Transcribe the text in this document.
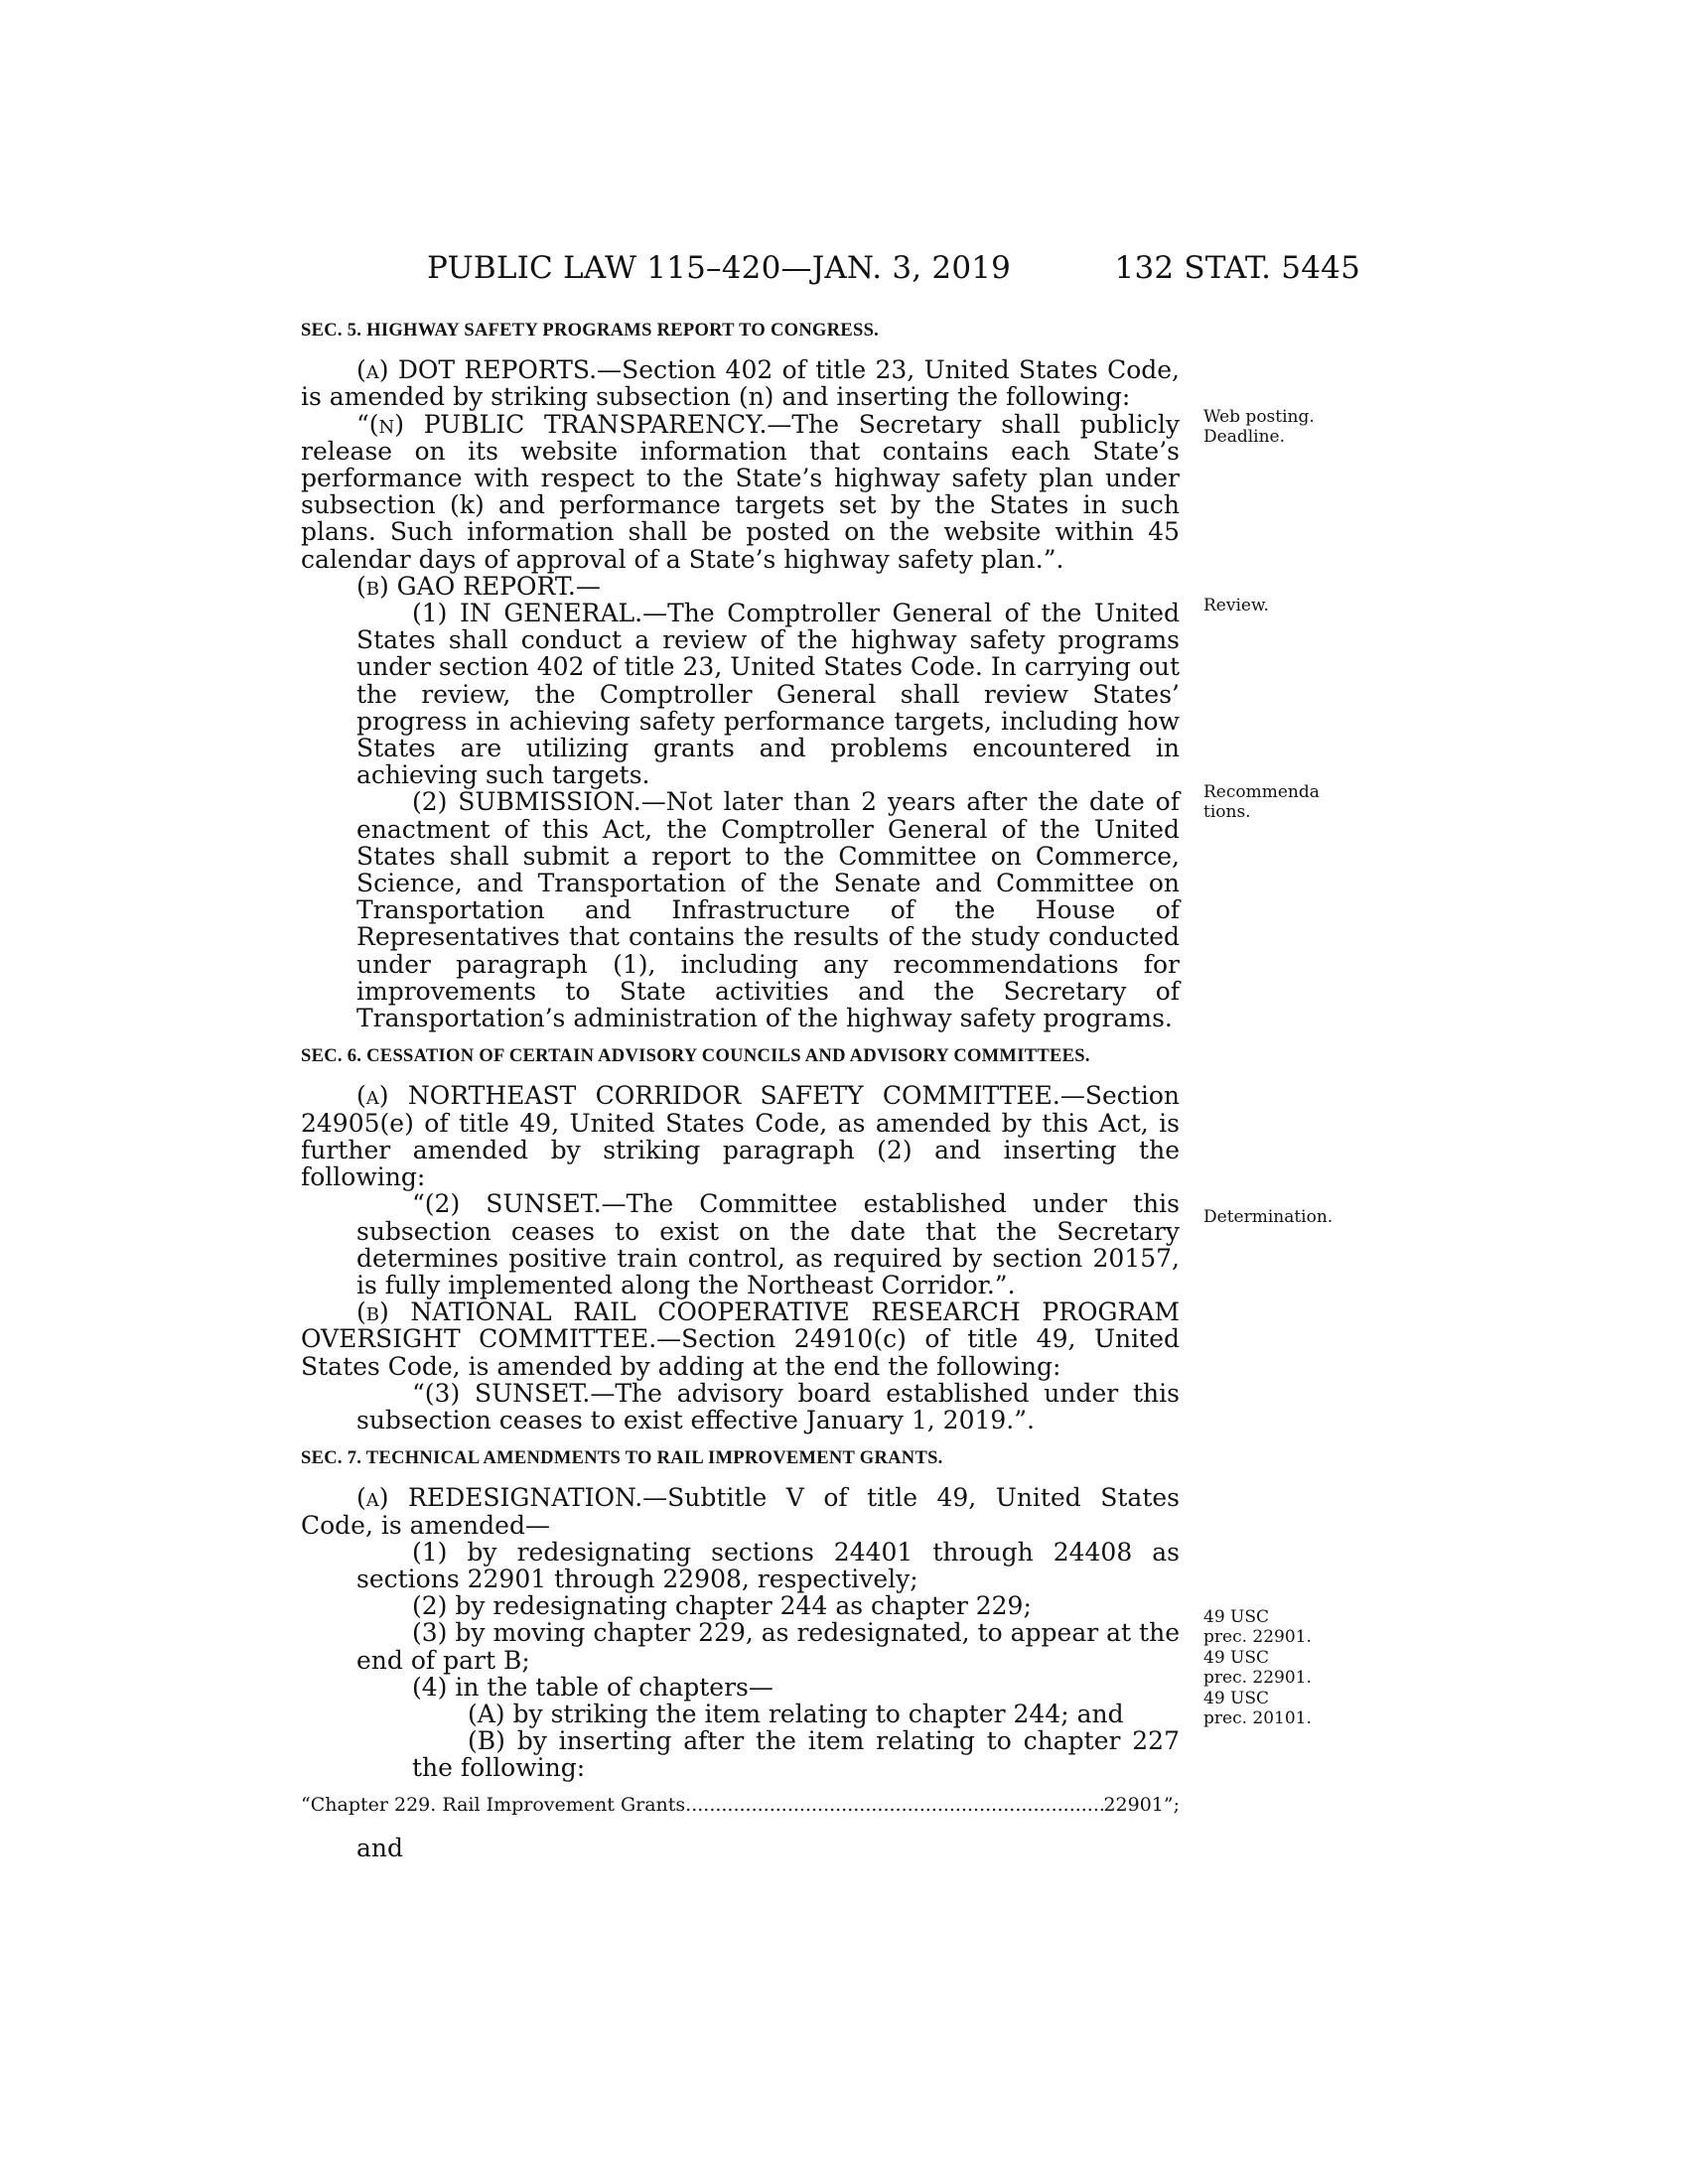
PUBLIC LAW 115–420—JAN. 3, 2019	132 STAT. 5445

SEC. 5. HIGHWAY SAFETY PROGRAMS REPORT TO CONGRESS.

(a) DOT REPORTS.—Section 402 of title 23, United States Code, is amended by striking subsection (n) and inserting the following:

“(n) PUBLIC TRANSPARENCY.—The Secretary shall publicly release on its website information that contains each State’s performance with respect to the State’s highway safety plan under subsection (k) and performance targets set by the States in such plans. Such information shall be posted on the website within 45 calendar days of approval of a State’s highway safety plan.”.

(b) GAO REPORT.—

(1) IN GENERAL.—The Comptroller General of the United States shall conduct a review of the highway safety programs under section 402 of title 23, United States Code. In carrying out the review, the Comptroller General shall review States’ progress in achieving safety performance targets, including how States are utilizing grants and problems encountered in achieving such targets.

(2) SUBMISSION.—Not later than 2 years after the date of enactment of this Act, the Comptroller General of the United States shall submit a report to the Committee on Commerce, Science, and Transportation of the Senate and Committee on Transportation and Infrastructure of the House of Representatives that contains the results of the study conducted under paragraph (1), including any recommendations for improvements to State activities and the Secretary of Transportation’s administration of the highway safety programs.

SEC. 6. CESSATION OF CERTAIN ADVISORY COUNCILS AND ADVISORY COMMITTEES.

(a) NORTHEAST CORRIDOR SAFETY COMMITTEE.—Section 24905(e) of title 49, United States Code, as amended by this Act, is further amended by striking paragraph (2) and inserting the following:

“(2) SUNSET.—The Committee established under this subsection ceases to exist on the date that the Secretary determines positive train control, as required by section 20157, is fully implemented along the Northeast Corridor.”.

(b) NATIONAL RAIL COOPERATIVE RESEARCH PROGRAM OVERSIGHT COMMITTEE.—Section 24910(c) of title 49, United States Code, is amended by adding at the end the following:

“(3) SUNSET.—The advisory board established under this subsection ceases to exist effective January 1, 2019.”.

SEC. 7. TECHNICAL AMENDMENTS TO RAIL IMPROVEMENT GRANTS.

(a) REDESIGNATION.—Subtitle V of title 49, United States Code, is amended—

(1) by redesignating sections 24401 through 24408 as sections 22901 through 22908, respectively;

(2) by redesignating chapter 244 as chapter 229;

(3) by moving chapter 229, as redesignated, to appear at the end of part B;

(4) in the table of chapters—

(A) by striking the item relating to chapter 244; and

(B) by inserting after the item relating to chapter 227 the following:

“Chapter 229. Rail Improvement Grants .....	22901”;

and

Web posting. Deadline.
Review.
Recommendations.
Determination.
49 USC prec. 22901.
49 USC prec. 22901.
49 USC prec. 20101.
